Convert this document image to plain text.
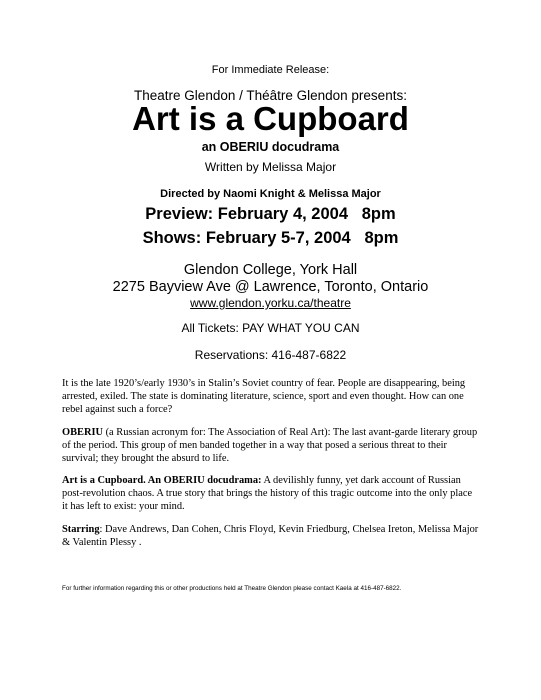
For Immediate Release:
Theatre Glendon / Théâtre Glendon presents:
Art is a Cupboard
an OBERIU docudrama
Written by Melissa Major
Directed by Naomi Knight & Melissa Major
Preview: February 4, 2004   8pm
Shows: February 5-7, 2004   8pm
Glendon College, York Hall
2275 Bayview Ave @ Lawrence, Toronto, Ontario
www.glendon.yorku.ca/theatre
All Tickets: PAY WHAT YOU CAN
Reservations: 416-487-6822
It is the late 1920’s/early 1930’s in Stalin’s Soviet country of fear. People are disappearing, being arrested, exiled. The state is dominating literature, science, sport and even thought. How can one rebel against such a force?
OBERIU (a Russian acronym for: The Association of Real Art): The last avant-garde literary group of the period. This group of men banded together in a way that posed a serious threat to their survival; they brought the absurd to life.
Art is a Cupboard. An OBERIU docudrama: A devilishly funny, yet dark account of Russian post-revolution chaos. A true story that brings the history of this tragic outcome into the only place it has left to exist: your mind.
Starring: Dave Andrews, Dan Cohen, Chris Floyd, Kevin Friedburg, Chelsea Ireton, Melissa Major & Valentin Plessy .
For further information regarding this or other productions held at Theatre Glendon please contact Kaela at 416-487-6822.
